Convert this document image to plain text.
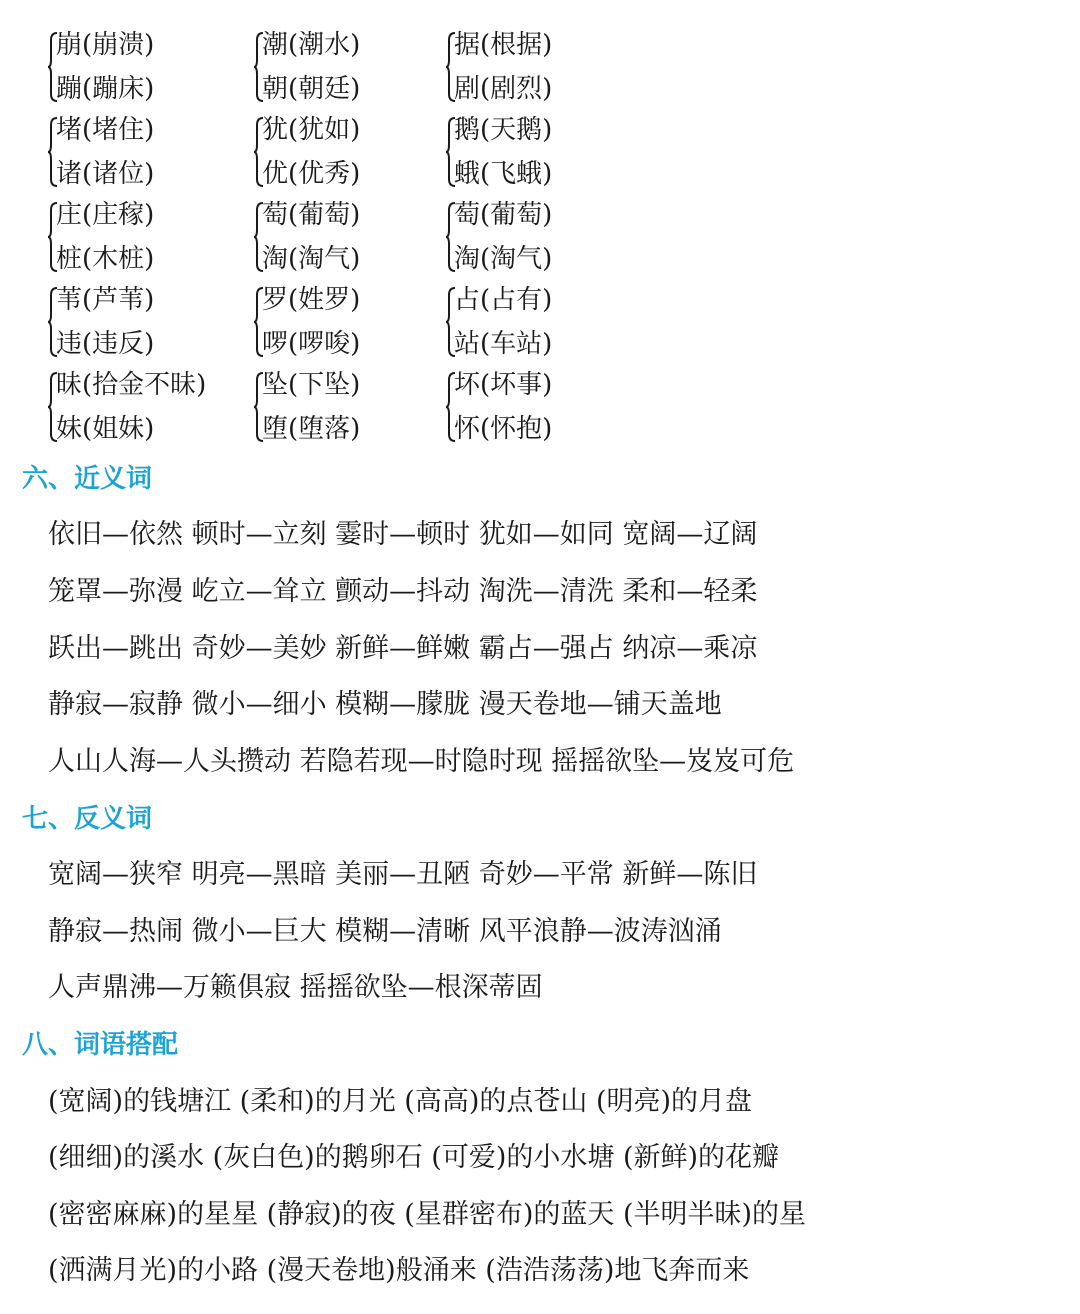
崩(崩溃)
蹦(蹦床)
潮(潮水)
朝(朝廷)
据(根据)
剧(剧烈)
堵(堵住)
诸(诸位)
犹(犹如)
优(优秀)
鹅(天鹅)
蛾(飞蛾)
庄(庄稼)
桩(木桩)
萄(葡萄)
淘(淘气)
萄(葡萄)
淘(淘气)
苇(芦苇)
违(违反)
罗(姓罗)
啰(啰唆)
占(占有)
站(车站)
昧(拾金不昧)
妹(姐妹)
坠(下坠)
堕(堕落)
坏(坏事)
怀(怀抱)
六、近义词
依旧—依然 顿时—立刻 霎时—顿时 犹如—如同 宽阔—辽阔
笼罩—弥漫 屹立—耸立 颤动—抖动 淘洗—清洗 柔和—轻柔
跃出—跳出 奇妙—美妙 新鲜—鲜嫩 霸占—强占 纳凉—乘凉
静寂—寂静 微小—细小 模糊—朦胧 漫天卷地—铺天盖地
人山人海—人头攒动 若隐若现—时隐时现 摇摇欲坠—岌岌可危
七、反义词
宽阔—狭窄 明亮—黑暗 美丽—丑陋 奇妙—平常 新鲜—陈旧
静寂—热闹 微小—巨大 模糊—清晰 风平浪静—波涛汹涌
人声鼎沸—万籁俱寂 摇摇欲坠—根深蒂固
八、词语搭配
(宽阔)的钱塘江 (柔和)的月光 (高高)的点苍山 (明亮)的月盘
(细细)的溪水 (灰白色)的鹅卵石 (可爱)的小水塘 (新鲜)的花瓣
(密密麻麻)的星星 (静寂)的夜 (星群密布)的蓝天 (半明半昧)的星
(洒满月光)的小路 (漫天卷地)般涌来 (浩浩荡荡)地飞奔而来
